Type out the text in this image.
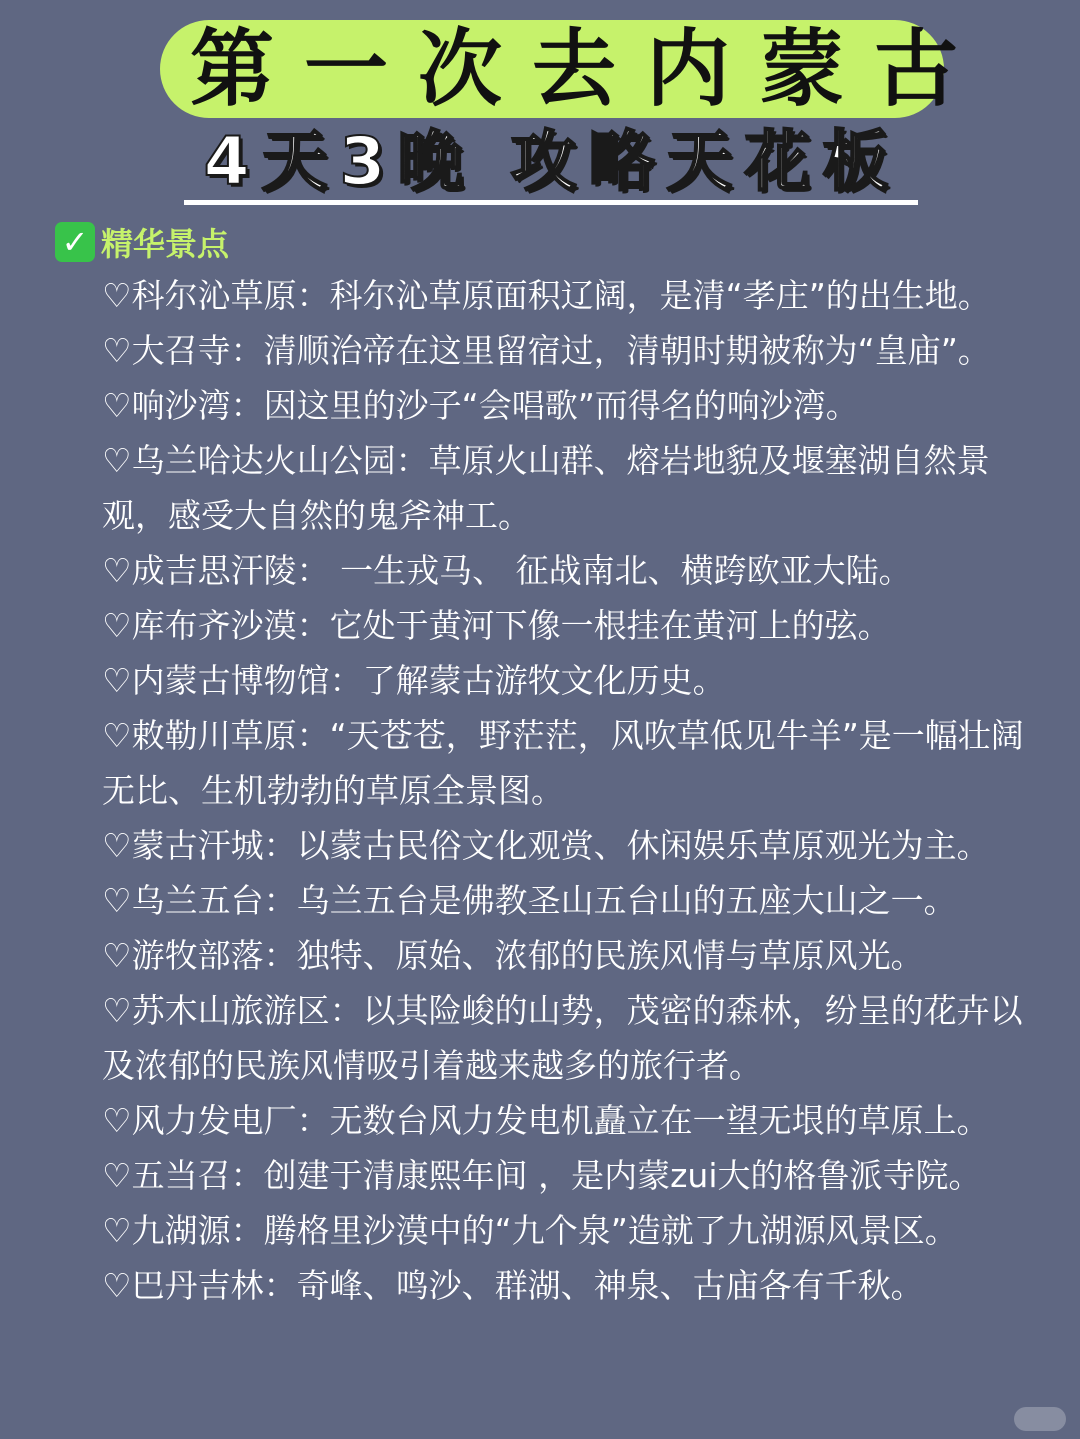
第一次去内蒙古
4天3晚 攻略天花板
✓ 精华景点
♡科尔沁草原：科尔沁草原面积辽阔，是清“孝庄”的出生地。
♡大召寺：清顺治帝在这里留宿过，清朝时期被称为“皇庙”。
♡响沙湾：因这里的沙子“会唱歌”而得名的响沙湾。
♡乌兰哈达火山公园：草原火山群、熔岩地貌及堰塞湖自然景观，感受大自然的鬼斧神工。
♡成吉思汗陵： 一生戎马、 征战南北、横跨欧亚大陆。
♡库布齐沙漠：它处于黄河下像一根挂在黄河上的弦。
♡内蒙古博物馆：了解蒙古游牧文化历史。
♡敕勒川草原：“天苍苍，野茫茫，风吹草低见牛羊”是一幅壮阔无比、生机勃勃的草原全景图。
♡蒙古汗城：以蒙古民俗文化观赏、休闲娱乐草原观光为主。
♡乌兰五台：乌兰五台是佛教圣山五台山的五座大山之一。
♡游牧部落：独特、原始、浓郁的民族风情与草原风光。
♡苏木山旅游区：以其险峻的山势，茂密的森林，纷呈的花卉以及浓郁的民族风情吸引着越来越多的旅行者。
♡风力发电厂：无数台风力发电机矗立在一望无垠的草原上。
♡五当召：创建于清康熙年间 ，是内蒙zui大的格鲁派寺院。
♡九湖源：腾格里沙漠中的“九个泉”造就了九湖源风景区。
♡巴丹吉林：奇峰、鸣沙、群湖、神泉、古庙各有千秋。
